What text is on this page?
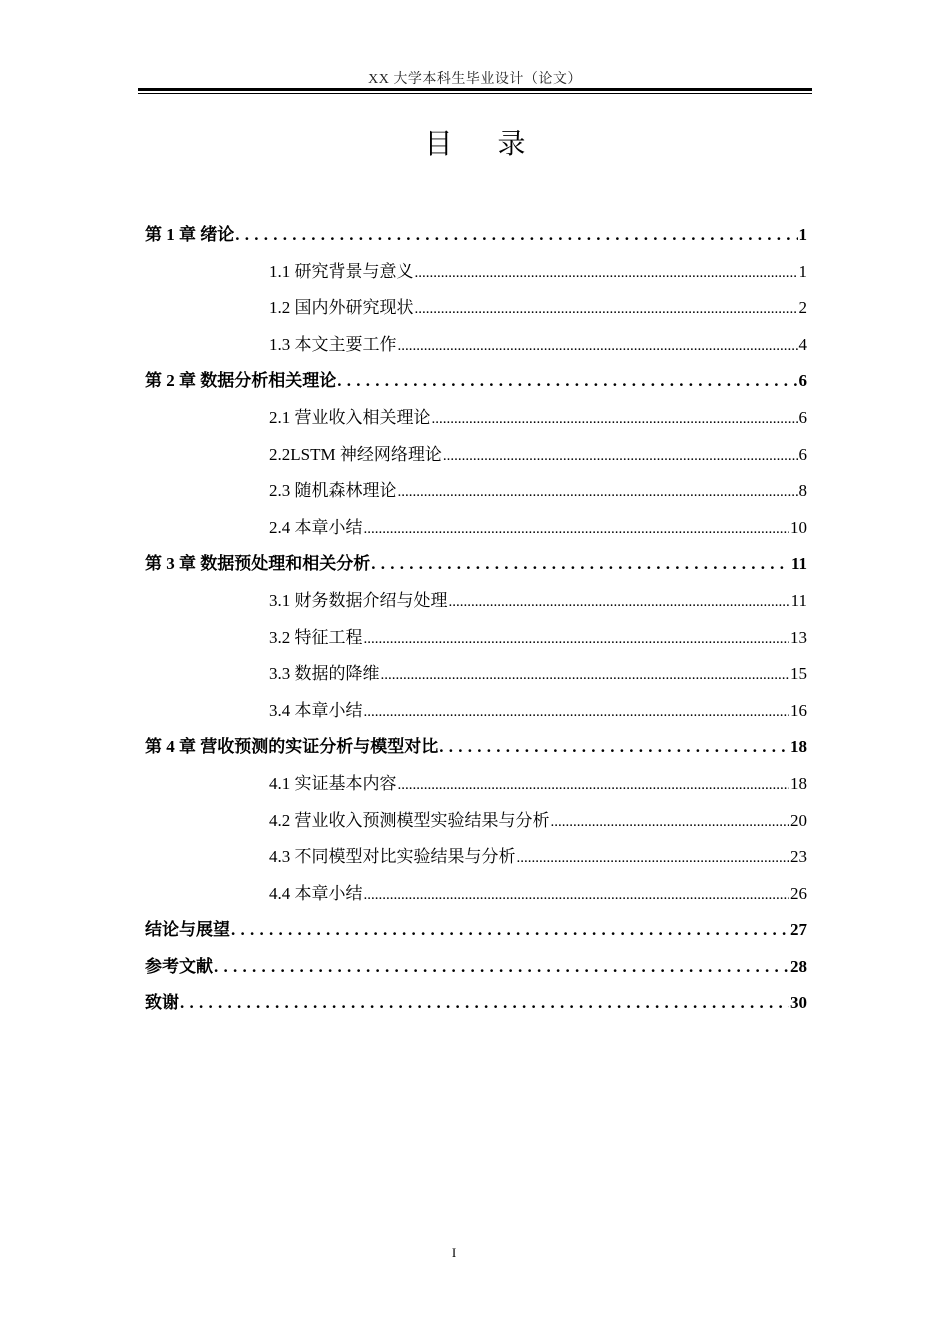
XX 大学本科生毕业设计（论文）
目 录
第 1 章 绪论 . . .	1
1.1 研究背景与意义 .....	1
1.2 国内外研究现状 .....	2
1.3 本文主要工作 .....	4
第 2 章 数据分析相关理论 . . .	6
2.1 营业收入相关理论 .....	6
2.2LSTM 神经网络理论 .....	6
2.3 随机森林理论 .....	8
2.4 本章小结 .....	10
第 3 章 数据预处理和相关分析 . . .	11
3.1 财务数据介绍与处理 .....	11
3.2 特征工程 .....	13
3.3 数据的降维 .....	15
3.4 本章小结 .....	16
第 4 章 营收预测的实证分析与模型对比 . . .	18
4.1 实证基本内容 .....	18
4.2 营业收入预测模型实验结果与分析 .....	20
4.3 不同模型对比实验结果与分析 .....	23
4.4 本章小结 .....	26
结论与展望 . . .	27
参考文献 . . .	28
致谢 . . .	30
I
